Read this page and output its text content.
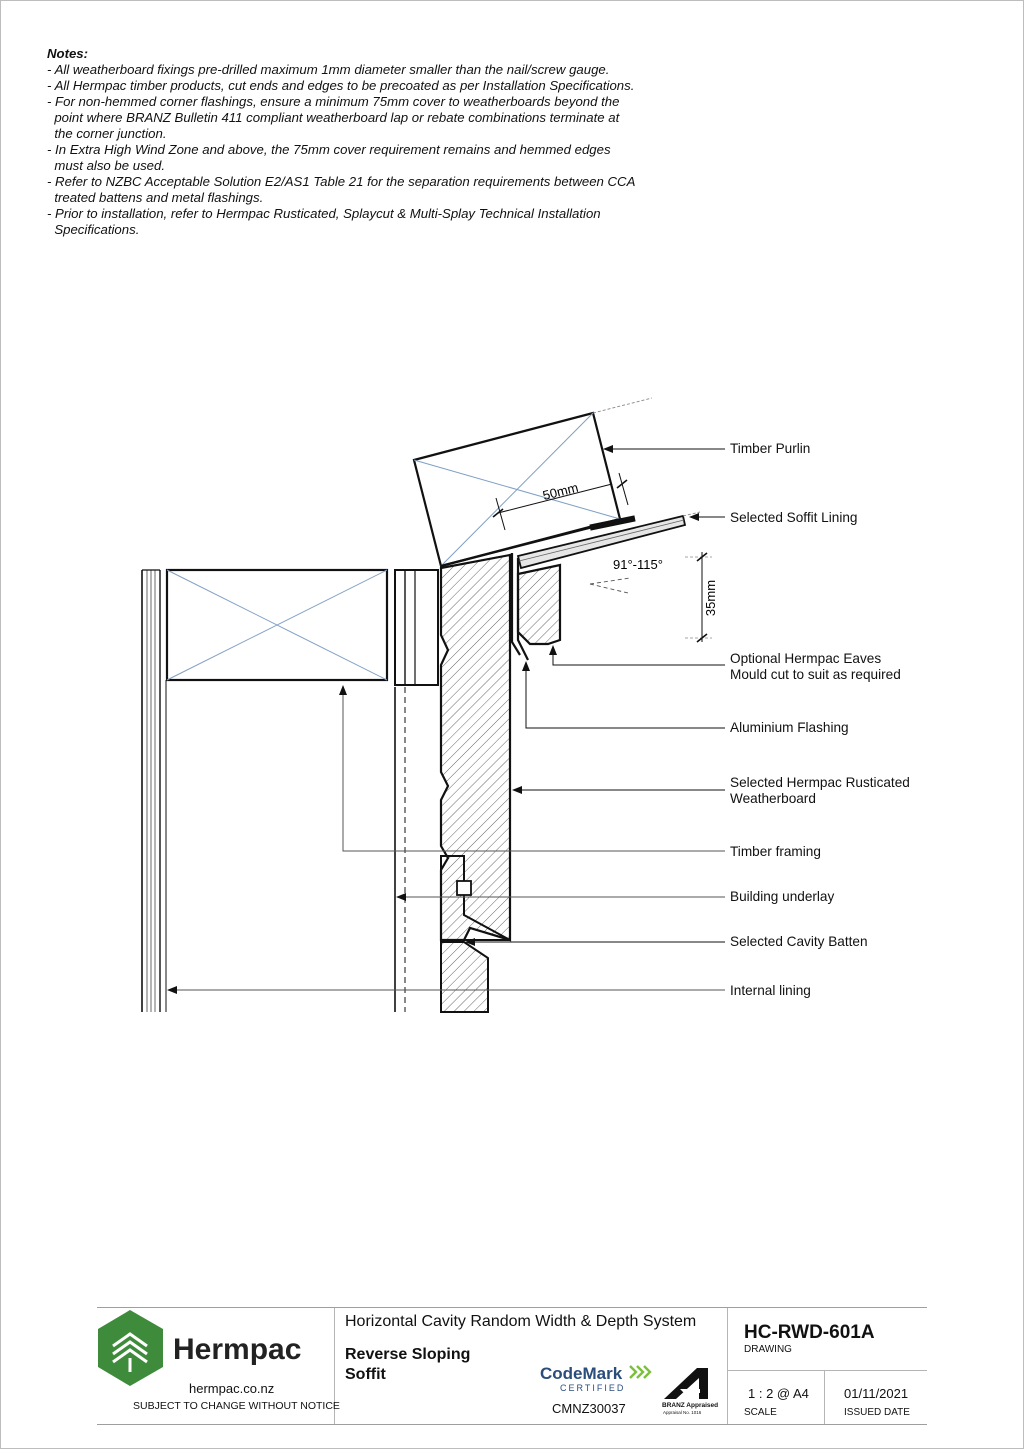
Notes:
- All weatherboard fixings pre-drilled maximum 1mm diameter smaller than the nail/screw gauge.
- All Hermpac timber products, cut ends and edges to be precoated as per Installation Specifications.
- For non-hemmed corner flashings, ensure a minimum 75mm cover to weatherboards beyond the
point where BRANZ Bulletin 411 compliant weatherboard lap or rebate combinations terminate at
the corner junction.
- In Extra High Wind Zone and above, the 75mm cover requirement remains and hemmed edges
must also be used.
- Refer to NZBC Acceptable Solution E2/AS1 Table 21 for the separation requirements between CCA
treated battens and metal flashings.
- Prior to installation, refer to Hermpac Rusticated, Splaycut & Multi-Splay Technical Installation
Specifications.
50mm
91°-115°
35mm
Timber Purlin
Selected Soffit Lining
Optional Hermpac Eaves
Mould cut to suit as required
Aluminium Flashing
Selected Hermpac Rusticated
Weatherboard
Timber framing
Building underlay
Selected Cavity Batten
Internal lining
Hermpac
hermpac.co.nz
SUBJECT TO CHANGE WITHOUT NOTICE
Horizontal Cavity Random Width & Depth System
Reverse Sloping
Soffit	CodeMark
CERTIFIED
CMNZ30037	BRANZ Appraised
Appraisal No. 1016
HC-RWD-601A
DRAWING
1 : 2 @ A4
SCALE
01/11/2021
ISSUED DATE
